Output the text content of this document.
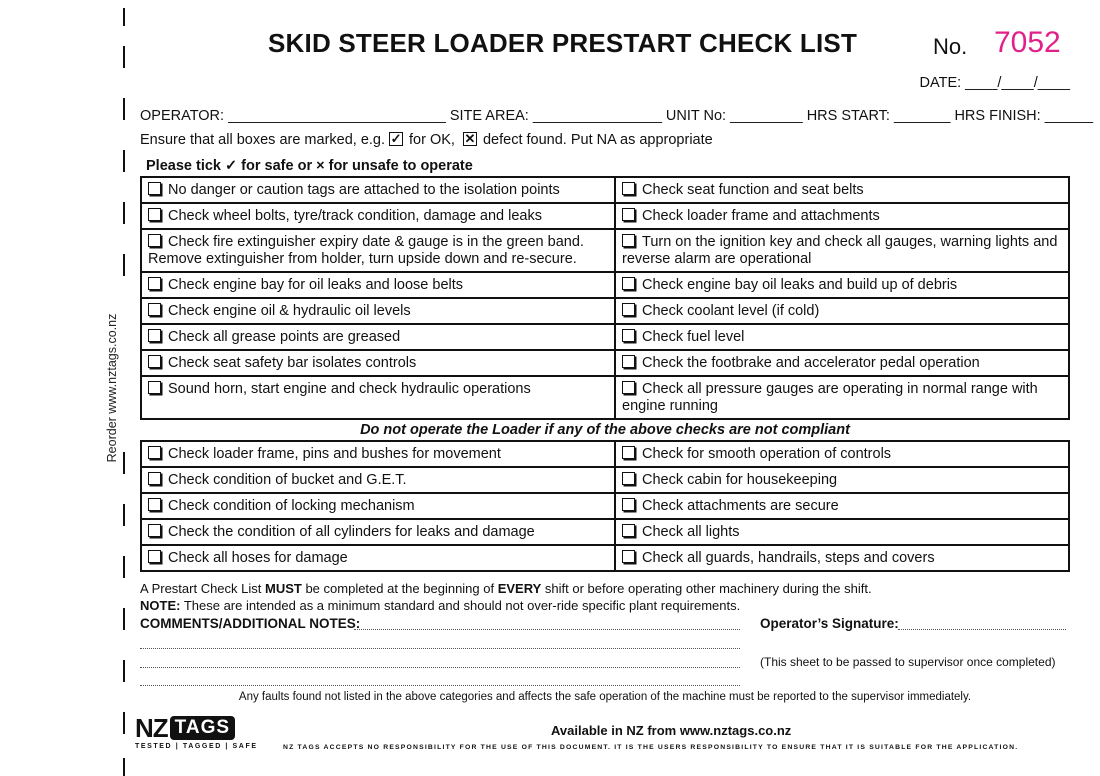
Reorder www.nztags.co.nz
SKID STEER LOADER PRESTART CHECK LIST	No. 7052
DATE: ____/____/____
OPERATOR: ___________________________ SITE AREA: ________________ UNIT No: _________ HRS START: _______ HRS FINISH: ______
Ensure that all boxes are marked, e.g. ✓ for OK, ✕ defect found. Put NA as appropriate
Please tick ✓ for safe or × for unsafe to operate
No danger or caution tags are attached to the isolation points	Check seat function and seat belts
Check wheel bolts, tyre/track condition, damage and leaks	Check loader frame and attachments
Check fire extinguisher expiry date & gauge is in the green band. Remove extinguisher from holder, turn upside down and re-secure.	Turn on the ignition key and check all gauges, warning lights and reverse alarm are operational
Check engine bay for oil leaks and loose belts	Check engine bay oil leaks and build up of debris
Check engine oil & hydraulic oil levels	Check coolant level (if cold)
Check all grease points are greased	Check fuel level
Check seat safety bar isolates controls	Check the footbrake and accelerator pedal operation
Sound horn, start engine and check hydraulic operations	Check all pressure gauges are operating in normal range with engine running
Do not operate the Loader if any of the above checks are not compliant
Check loader frame, pins and bushes for movement	Check for smooth operation of controls
Check condition of bucket and G.E.T.	Check cabin for housekeeping
Check condition of locking mechanism	Check attachments are secure
Check the condition of all cylinders for leaks and damage	Check all lights
Check all hoses for damage	Check all guards, handrails, steps and covers
A Prestart Check List MUST be completed at the beginning of EVERY shift or before operating other machinery during the shift.
NOTE: These are intended as a minimum standard and should not over-ride specific plant requirements.
COMMENTS/ADDITIONAL NOTES:	Operator’s Signature:
(This sheet to be passed to supervisor once completed)
Any faults found not listed in the above categories and affects the safe operation of the machine must be reported to the supervisor immediately.
NZ TAGS
TESTED | TAGGED | SAFE
Available in NZ from www.nztags.co.nz
NZ TAGS ACCEPTS NO RESPONSIBILITY FOR THE USE OF THIS DOCUMENT. IT IS THE USERS RESPONSIBILITY TO ENSURE THAT IT IS SUITABLE FOR THE APPLICATION.
